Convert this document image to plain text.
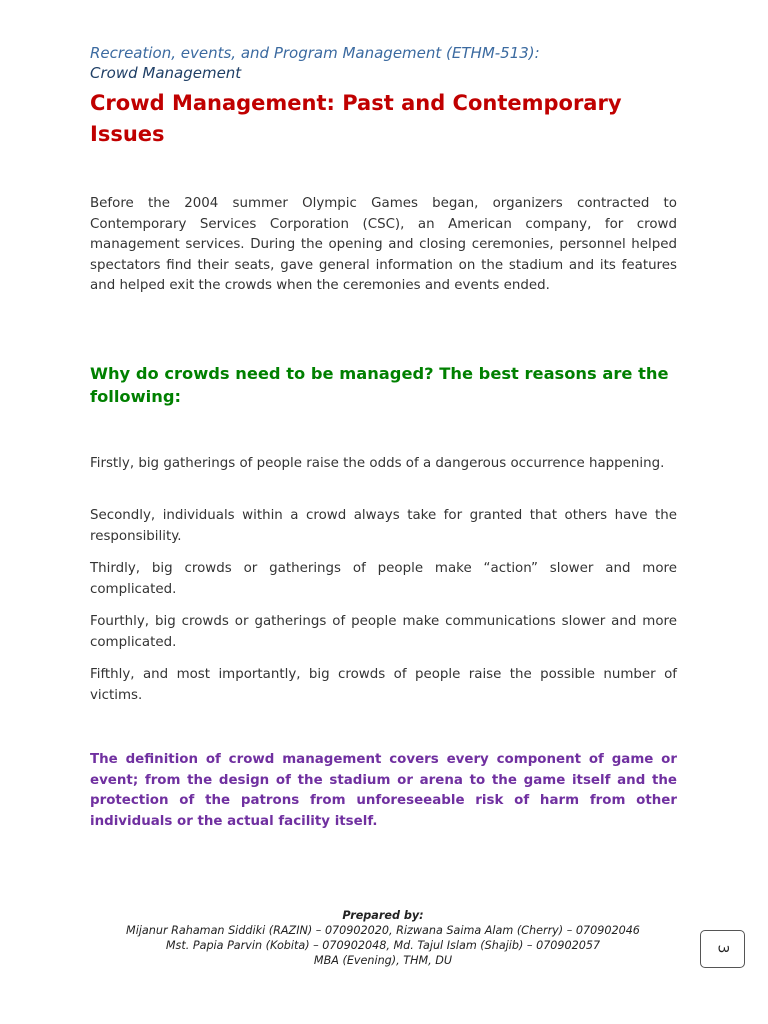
Recreation, events, and Program Management (ETHM-513):

Crowd Management

Crowd Management: Past and Contemporary Issues

Before the 2004 summer Olympic Games began, organizers contracted to Contemporary Services Corporation (CSC), an American company, for crowd management services. During the opening and closing ceremonies, personnel helped spectators find their seats, gave general information on the stadium and its features and helped exit the crowds when the ceremonies and events ended.

Why do crowds need to be managed? The best reasons are the following:

Firstly, big gatherings of people raise the odds of a dangerous occurrence happening.

Secondly, individuals within a crowd always take for granted that others have the responsibility.

Thirdly, big crowds or gatherings of people make “action” slower and more complicated.

Fourthly, big crowds or gatherings of people make communications slower and more complicated.

Fifthly, and most importantly, big crowds of people raise the possible number of victims.

The definition of crowd management covers every component of game or event; from the design of the stadium or arena to the game itself and the protection of the patrons from unforeseeable risk of harm from other individuals or the actual facility itself.

Prepared by:
Mijanur Rahaman Siddiki (RAZIN) – 070902020, Rizwana Saima Alam (Cherry) – 070902046
Mst. Papia Parvin (Kobita) – 070902048, Md. Tajul Islam (Shajib) – 070902057
MBA (Evening), THM, DU
3
